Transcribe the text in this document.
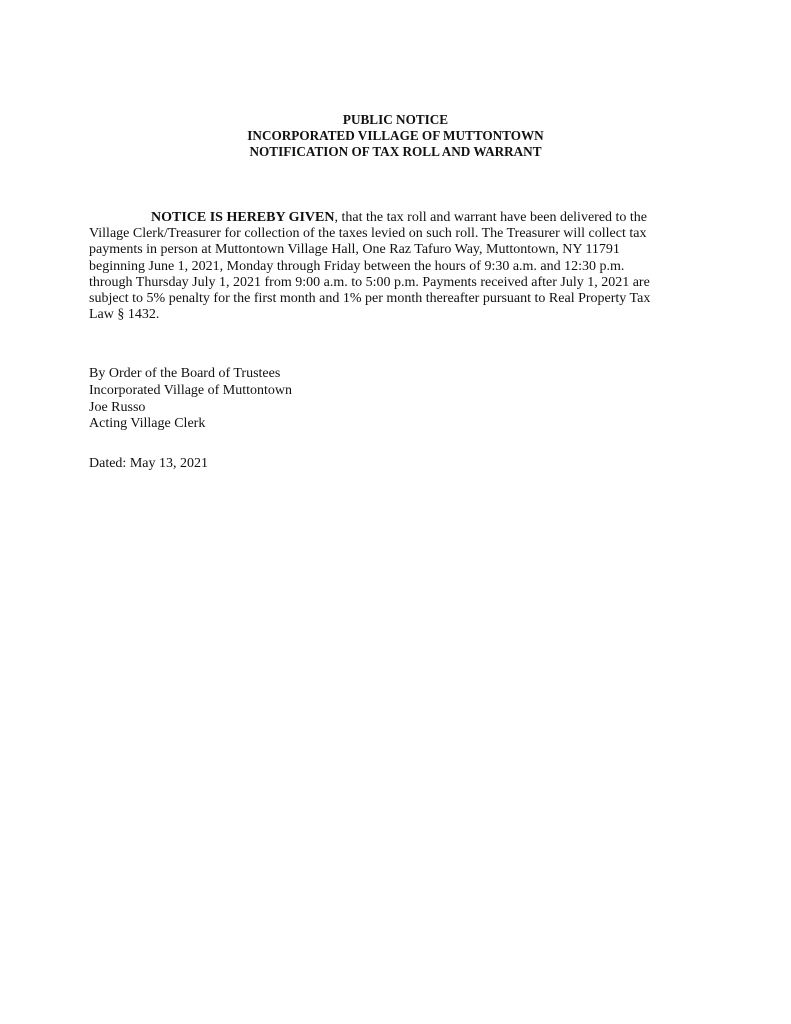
PUBLIC NOTICE
INCORPORATED VILLAGE OF MUTTONTOWN
NOTIFICATION OF TAX ROLL AND WARRANT
NOTICE IS HEREBY GIVEN, that the tax roll and warrant have been delivered to the
Village Clerk/Treasurer for collection of the taxes levied on such roll. The Treasurer will collect tax
payments in person at Muttontown Village Hall, One Raz Tafuro Way, Muttontown, NY 11791
beginning June 1, 2021, Monday through Friday between the hours of 9:30 a.m. and 12:30 p.m.
through Thursday July 1, 2021 from 9:00 a.m. to 5:00 p.m. Payments received after July 1, 2021 are
subject to 5% penalty for the first month and 1% per month thereafter pursuant to Real Property Tax
Law § 1432.
By Order of the Board of Trustees
Incorporated Village of Muttontown
Joe Russo
Acting Village Clerk
Dated: May 13, 2021
